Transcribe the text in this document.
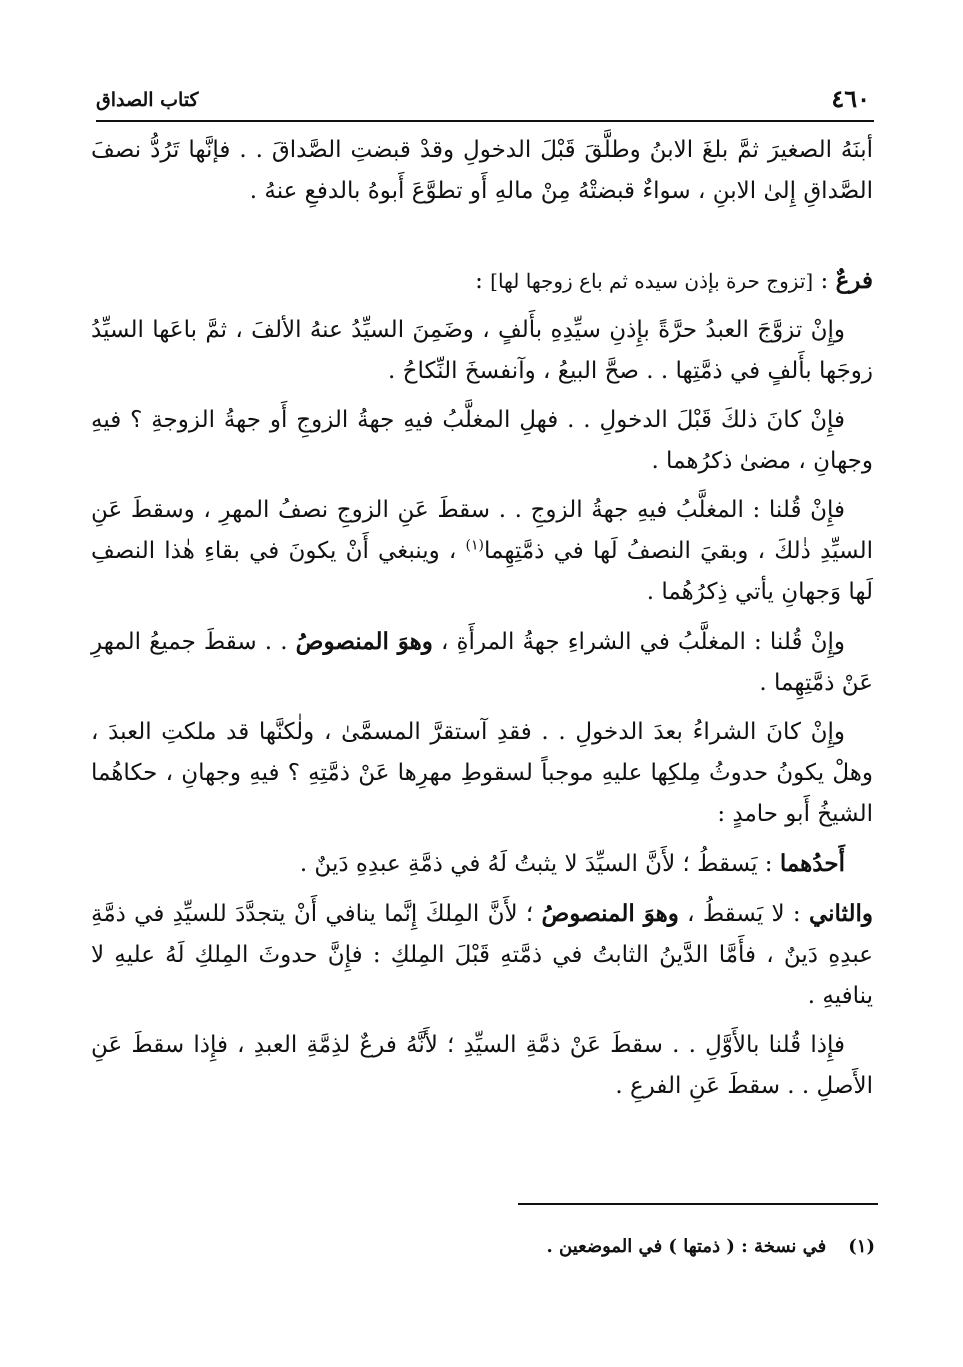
٤٦٠
كتاب الصداق

أبنَهُ الصغيرَ ثمَّ بلغَ الابنُ وطلَّقَ قَبْلَ الدخولِ وقدْ قبضتِ الصَّداقَ . . فإنَّها تَرُدُّ نصفَ الصَّداقِ إِلىٰ الابنِ ، سواءٌ قبضتْهُ مِنْ مالهِ أَو تطوَّعَ أَبوهُ بالدفعِ عنهُ .

فرعٌ : [تزوج حرة بإذن سيده ثم باع زوجها لها] :

وإِنْ تزوَّجَ العبدُ حرَّةً بإِذنِ سيِّدِهِ بأَلفٍ ، وضَمِنَ السيِّدُ عنهُ الألفَ ، ثمَّ باعَها السيِّدُ زوجَها بأَلفٍ في ذمَّتِها . . صحَّ البيعُ ، وآنفسخَ النِّكاحُ .

فإِنْ كانَ ذلكَ قَبْلَ الدخولِ . . فهلِ المغلَّبُ فيهِ جهةُ الزوجِ أَو جهةُ الزوجةِ ؟ فيهِ وجهانِ ، مضىٰ ذكرُهما .

فإِنْ قُلنا : المغلَّبُ فيهِ جهةُ الزوجِ . . سقطَ عَنِ الزوجِ نصفُ المهرِ ، وسقطَ عَنِ السيِّدِ ذٰلكَ ، وبقيَ النصفُ لَها في ذمَّتِهِما$^{(١)}$ ، وينبغي أَنْ يكونَ في بقاءِ هٰذا النصفِ لَها وَجهانِ يأتي ذِكرُهُما .

وإِنْ قُلنا : المغلَّبُ في الشراءِ جهةُ المرأَةِ ، وهوَ المنصوصُ . . سقطَ جميعُ المهرِ عَنْ ذمَّتِهِما .

وإِنْ كانَ الشراءُ بعدَ الدخولِ . . فقدِ آستقرَّ المسمَّىٰ ، ولٰكنَّها قد ملكتِ العبدَ ، وهلْ يكونُ حدوثُ مِلكِها عليهِ موجباً لسقوطِ مهرِها عَنْ ذمَّتِهِ ؟ فيهِ وجهانِ ، حكاهُما الشيخُ أَبو حامدٍ :

أَحدُهما : يَسقطُ ؛ لأَنَّ السيِّدَ لا يثبتُ لَهُ في ذمَّةِ عبدِهِ دَينٌ .

والثاني : لا يَسقطُ ، وهوَ المنصوصُ ؛ لأَنَّ المِلكَ إِنَّما ينافي أَنْ يتجدَّدَ للسيِّدِ في ذمَّةِ عبدِهِ دَينٌ ، فأَمَّا الدَّينُ الثابتُ في ذمَّتهِ قَبْلَ المِلكِ : فإِنَّ حدوثَ المِلكِ لَهُ عليهِ لا ينافيهِ .

فإِذا قُلنا بالأَوَّلِ . . سقطَ عَنْ ذمَّةِ السيِّدِ ؛ لأَنَّهُ فرعٌ لذِمَّةِ العبدِ ، فإِذا سقطَ عَنِ الأَصلِ . . سقطَ عَنِ الفرعِ .

(١)في نسخة : ( ذمتها ) في الموضعين .
